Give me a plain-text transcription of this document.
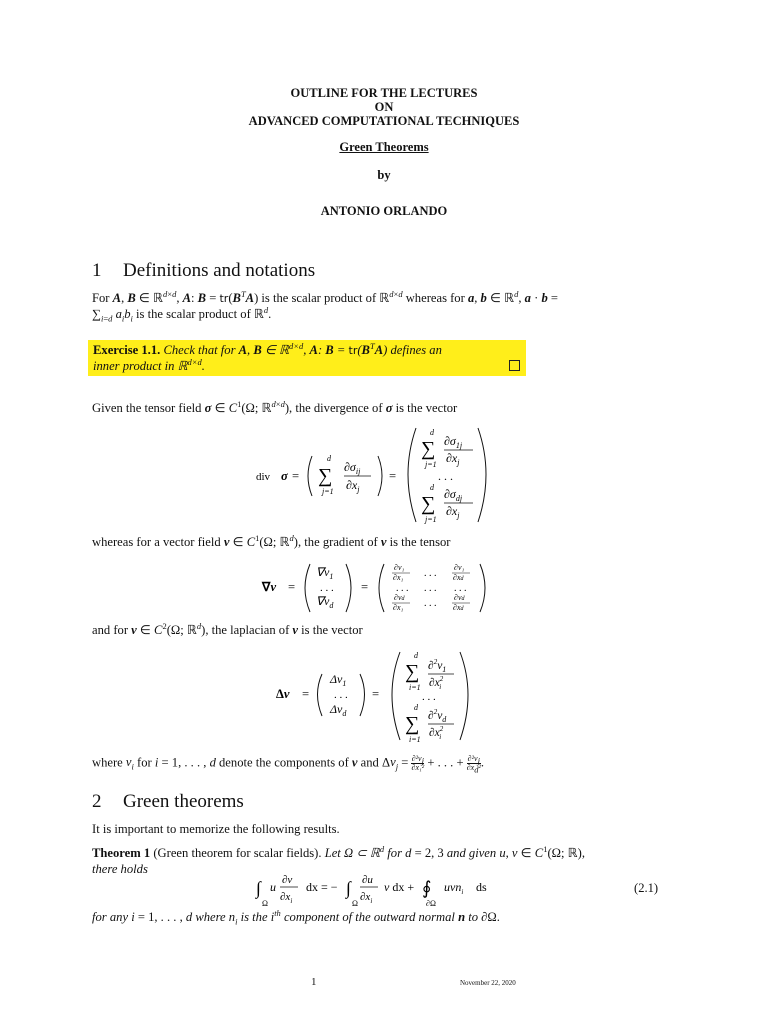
OUTLINE FOR THE LECTURES
ON
ADVANCED COMPUTATIONAL TECHNIQUES
Green Theorems
by
ANTONIO ORLANDO
1 Definitions and notations
For A, B ∈ ℝ$^{d\times d}$, A: $B = tr(B^TA)$ is the scalar product of ℝ$^{d\times d}$ whereas for a, b ∈ ℝ$^d$, a · b =
$\sum_{i=d}$ $a_ib_i$ is the scalar product of ℝ$^d$.
Exercise 1.1. Check that for A, B ∈ ℝ$^{d\times d}$, A: $B = tr(B^TA)$ defines an
inner product in ℝ$^{d\times d}$.
Given the tensor field σ ∈ $C^1(\Omega$; ℝ$^{d\times d}$), the divergence of σ is the vector
div σ =
d
∑
j=1
$\partial\sigma_{ij}$
$\partial x_j$
=
d
∑
j=1
$\partial\sigma_{1j}$
$\partial x_j$
. . .
d
∑
j=1
$\partial\sigma_{dj}$
$\partial x_j$
whereas for a vector field v ∈ $C^1(\Omega$; ℝ$^d$), the gradient of v is the tensor
∇v =
$\nabla v_1$
. . .
$\nabla v_d$
=
∂v₁
∂x₁ . . .
∂v₁
∂xd
. . . . . . . . .
∂vd
∂x₁ . . .
∂vd
∂xd
and for v ∈ $C^2(\Omega$; ℝ$^d$), the laplacian of v is the vector
Δv =
$\Delta v_1$
. . .
$\Delta v_d$
=
d
∑
i=1
$\partial^2v_1$
$\partial x^2$ i
. . .
d
∑
i=1
$\partial^2v_d$
$\partial x^2$ i
where $v_i$ for i = 1, . . . , d denote the components of v and $\Delta v_j = \partial^2v_j$
∂x₁² + . . . + $\partial^2v_j$
$\partial x_d^2$.
2 Green theorems
It is important to memorize the following results.
Theorem 1 (Green theorem for scalar fields). Let Ω ⊂ ℝ$^d$ for d = 2, 3 and given u, v ∈ $C^1(\Omega$; ℝ),
there holds
∫
Ω
u ∂v
$\partial x_i$
dx = − ∫
Ω
∂u
$\partial x_i$
v dx + ∮
∂Ω
uvn$_i$ ds	(2.1)
for any i = 1, . . . , d where $n_i$ is the $i^{th}$ component of the outward normal n to ∂Ω.
1	November 22, 2020
